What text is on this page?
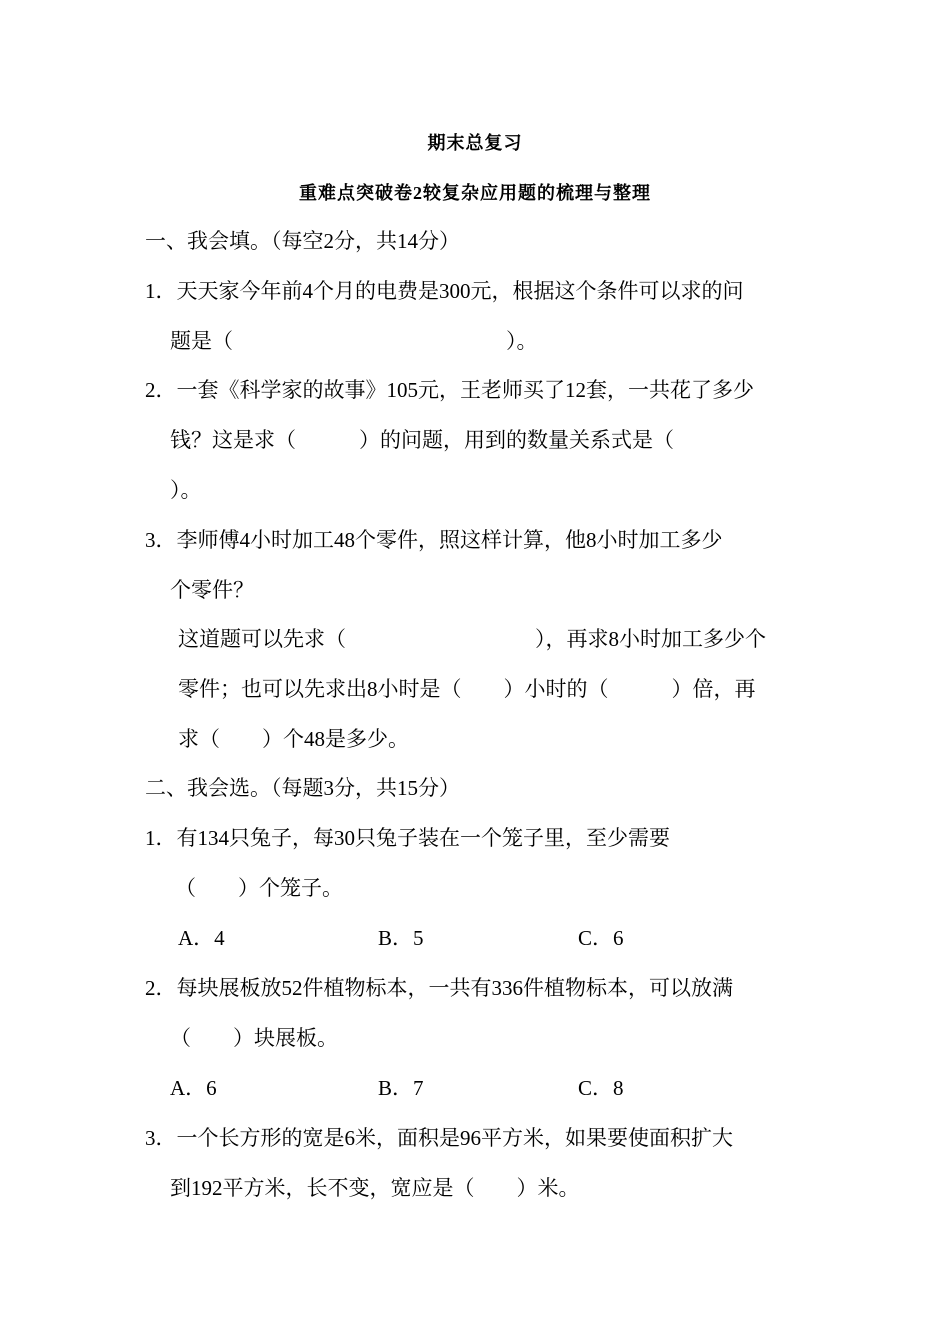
期末总复习
重难点突破卷2较复杂应用题的梳理与整理
一、我会填。（每空2分，共14分）
1．天天家今年前4个月的电费是300元，根据这个条件可以求的问
题是（　　　　　　　　　　　　　）。
2．一套《科学家的故事》105元，王老师买了12套，一共花了多少
钱？这是求（　　　）的问题，用到的数量关系式是（
）。
3．李师傅4小时加工48个零件，照这样计算，他8小时加工多少
个零件？
这道题可以先求（　　　　　　　　　），再求8小时加工多少个
零件；也可以先求出8小时是（　　）小时的（　　　）倍，再
求（　　）个48是多少。
二、我会选。（每题3分，共15分）
1．有134只兔子，每30只兔子装在一个笼子里，至少需要
（　　）个笼子。
A．4	B．5	C．6
2．每块展板放52件植物标本，一共有336件植物标本，可以放满
（　　）块展板。
A．6	B．7	C．8
3．一个长方形的宽是6米，面积是96平方米，如果要使面积扩大
到192平方米，长不变，宽应是（　　）米。
